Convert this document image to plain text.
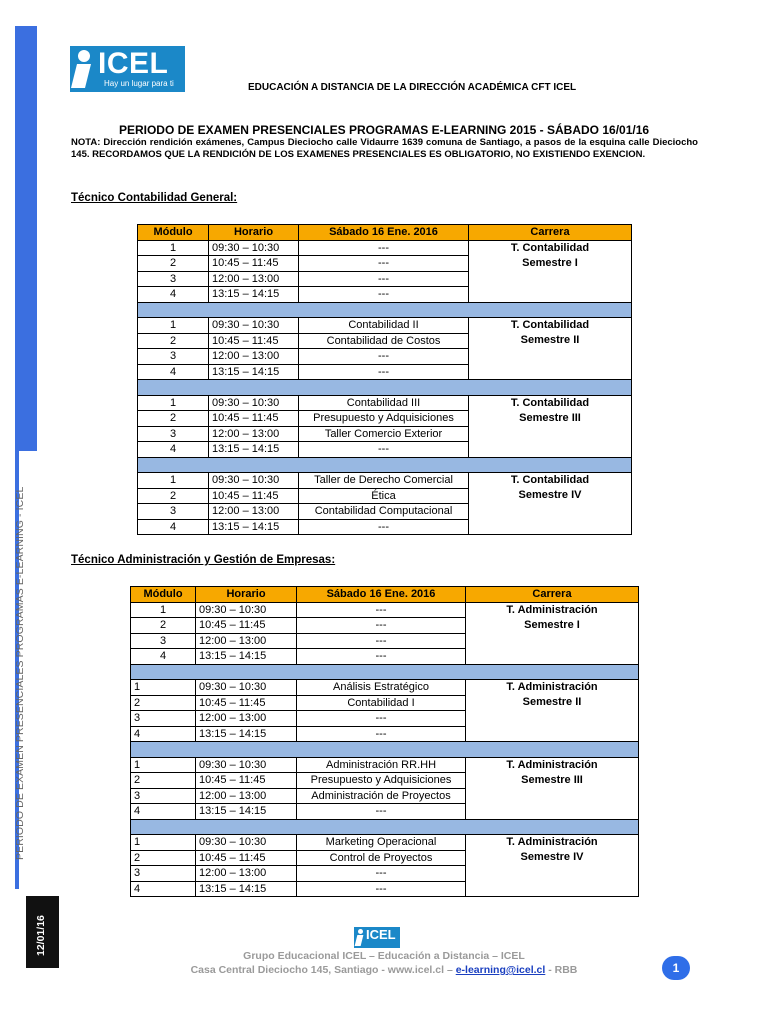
PERIODO DE EXAMEN PRESENCIALES PROGRAMAS E-LEARNING - ICEL
12/01/16
ICEL
Hay un lugar para ti	EDUCACIÓN A DISTANCIA DE LA DIRECCIÓN ACADÉMICA CFT ICEL
PERIODO DE EXAMEN PRESENCIALES PROGRAMAS E-LEARNING 2015 - SÁBADO 16/01/16
NOTA: Dirección rendición exámenes, Campus Dieciocho calle Vidaurre 1639 comuna de Santiago, a pasos de la esquina calle Dieciocho 145. RECORDAMOS QUE LA RENDICIÓN DE LOS EXAMENES PRESENCIALES ES OBLIGATORIO, NO EXISTIENDO EXENCION.
Técnico Contabilidad General:
Módulo	Horario	Sábado 16 Ene. 2016	Carrera
1	09:30 – 10:30	---	T. Contabilidad
Semestre I

2	10:45 – 11:45	---	
3	12:00 – 13:00	---	
4	13:15 – 14:15	---	

1	09:30 – 10:30	Contabilidad II	T. Contabilidad
Semestre II

2	10:45 – 11:45	Contabilidad de Costos	
3	12:00 – 13:00	---	
4	13:15 – 14:15	---	

1	09:30 – 10:30	Contabilidad III	T. Contabilidad
Semestre III

2	10:45 – 11:45	Presupuesto y Adquisiciones	
3	12:00 – 13:00	Taller Comercio Exterior	
4	13:15 – 14:15	---	

1	09:30 – 10:30	Taller de Derecho Comercial	T. Contabilidad
Semestre IV

2	10:45 – 11:45	Ética	
3	12:00 – 13:00	Contabilidad Computacional	
4	13:15 – 14:15	---	
Técnico Administración y Gestión de Empresas:
Módulo	Horario	Sábado 16 Ene. 2016	Carrera
1	09:30 – 10:30	---	T. Administración
Semestre I

2	10:45 – 11:45	---	
3	12:00 – 13:00	---	
4	13:15 – 14:15	---	

1	09:30 – 10:30	Análisis Estratégico	T. Administración
Semestre II

2	10:45 – 11:45	Contabilidad I	
3	12:00 – 13:00	---	
4	13:15 – 14:15	---	

1	09:30 – 10:30	Administración RR.HH	T. Administración
Semestre III

2	10:45 – 11:45	Presupuesto y Adquisiciones	
3	12:00 – 13:00	Administración de Proyectos	
4	13:15 – 14:15	---	

1	09:30 – 10:30	Marketing Operacional	T. Administración
Semestre IV

2	10:45 – 11:45	Control de Proyectos	
3	12:00 – 13:00	---	
4	13:15 – 14:15	---	
ICEL
Grupo Educacional ICEL – Educación a Distancia – ICEL
Casa Central Dieciocho 145, Santiago - www.icel.cl – e-learning@icel.cl - RBB	1
